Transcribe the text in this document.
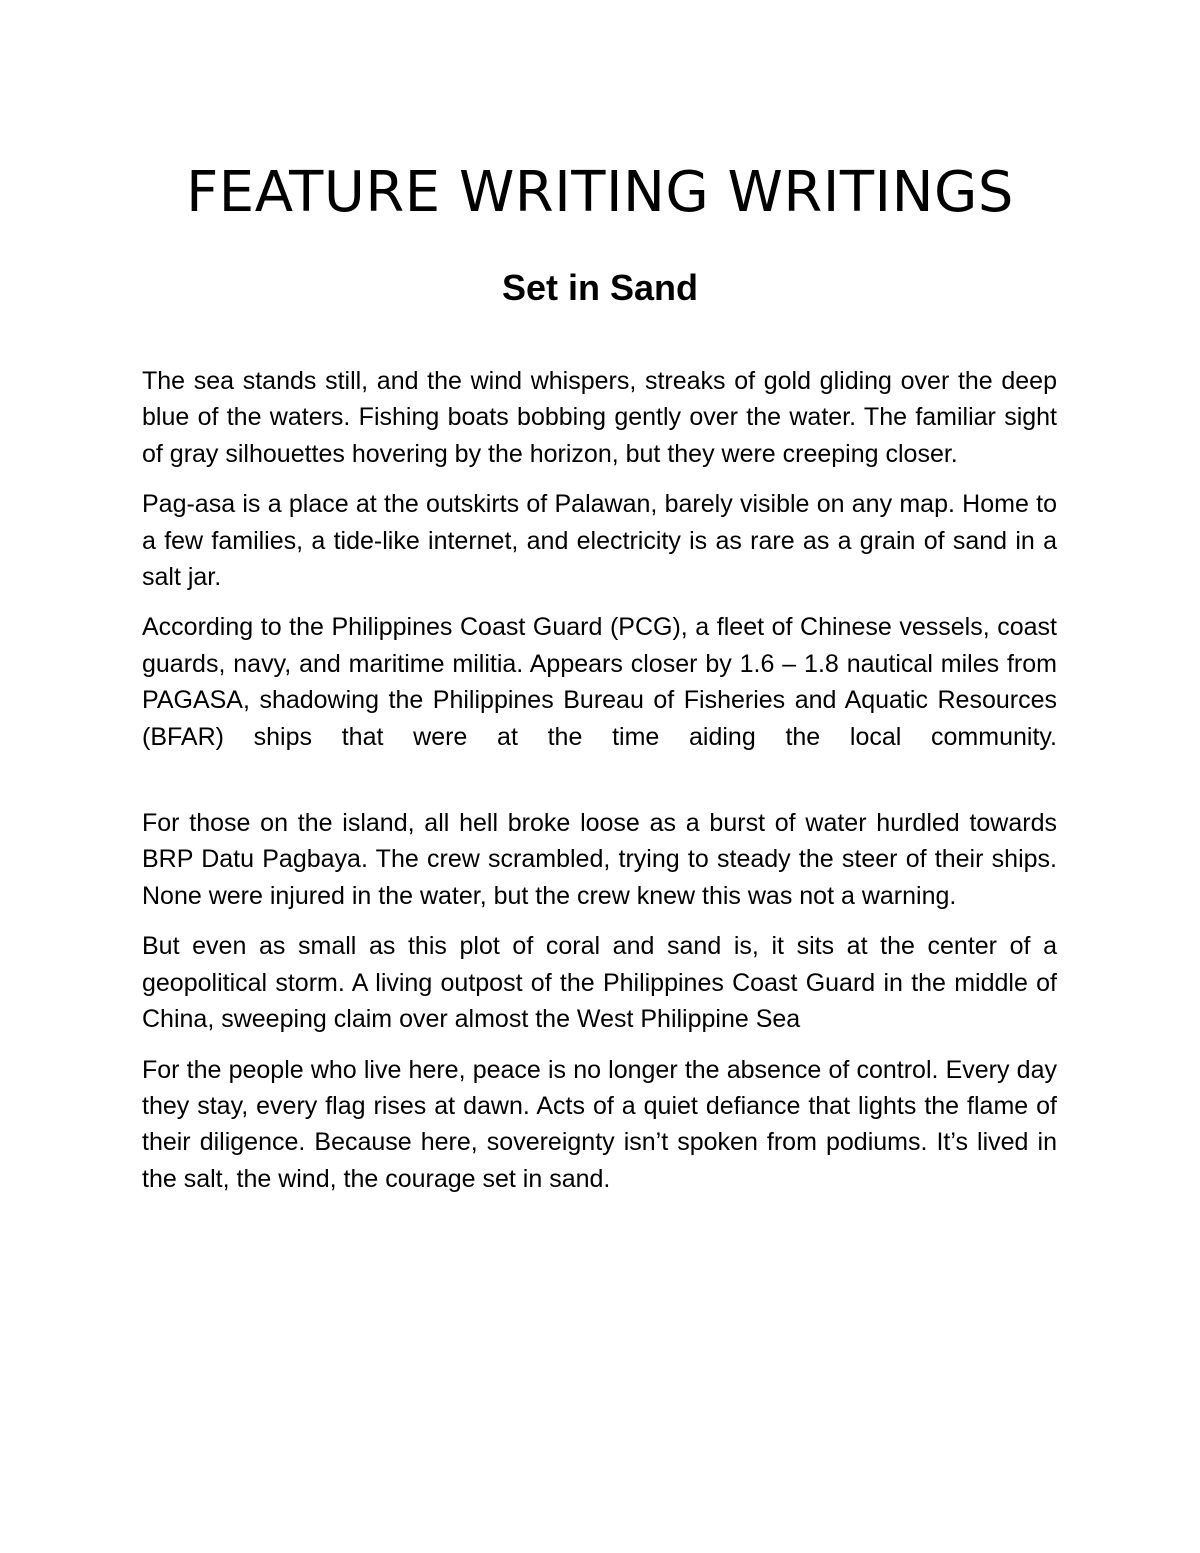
FEATURE WRITING WRITINGS
Set in Sand

The sea stands still, and the wind whispers, streaks of gold gliding over the deep blue of the waters. Fishing boats bobbing gently over the water. The familiar sight of gray silhouettes hovering by the horizon, but they were creeping closer.

Pag-asa is a place at the outskirts of Palawan, barely visible on any map. Home to a few families, a tide-like internet, and electricity is as rare as a grain of sand in a salt jar.

According to the Philippines Coast Guard (PCG), a fleet of Chinese vessels, coast guards, navy, and maritime militia. Appears closer by 1.6 – 1.8 nautical miles from PAGASA, shadowing the Philippines Bureau of Fisheries and Aquatic Resources (BFAR) ships that were at the time aiding the local community.

For those on the island, all hell broke loose as a burst of water hurdled towards BRP Datu Pagbaya. The crew scrambled, trying to steady the steer of their ships. None were injured in the water, but the crew knew this was not a warning.

But even as small as this plot of coral and sand is, it sits at the center of a geopolitical storm. A living outpost of the Philippines Coast Guard in the middle of China, sweeping claim over almost the West Philippine Sea

For the people who live here, peace is no longer the absence of control. Every day they stay, every flag rises at dawn. Acts of a quiet defiance that lights the flame of their diligence. Because here, sovereignty isn’t spoken from podiums. It’s lived in the salt, the wind, the courage set in sand.
